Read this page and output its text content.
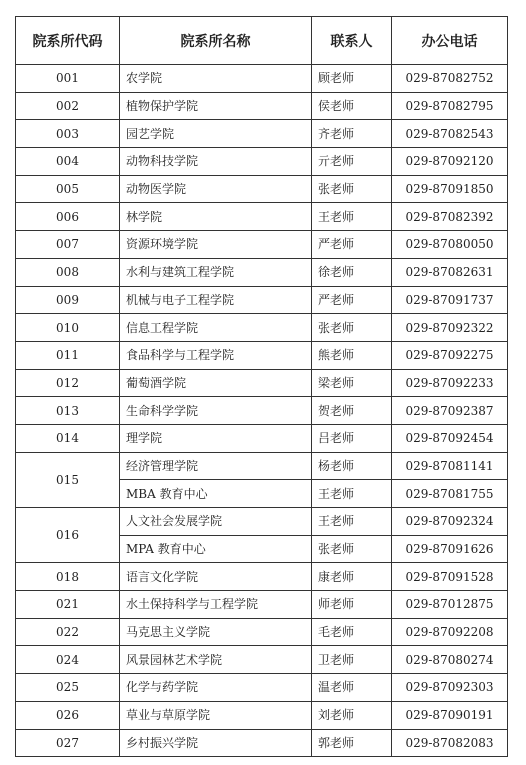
院系所代码	院系所名称	联系人	办公电话
001	农学院	顾老师	029-87082752
002	植物保护学院	侯老师	029-87082795
003	园艺学院	齐老师	029-87082543
004	动物科技学院	亓老师	029-87092120
005	动物医学院	张老师	029-87091850
006	林学院	王老师	029-87082392
007	资源环境学院	严老师	029-87080050
008	水利与建筑工程学院	徐老师	029-87082631
009	机械与电子工程学院	严老师	029-87091737
010	信息工程学院	张老师	029-87092322
011	食品科学与工程学院	熊老师	029-87092275
012	葡萄酒学院	梁老师	029-87092233
013	生命科学学院	贺老师	029-87092387
014	理学院	吕老师	029-87092454
015	经济管理学院	杨老师	029-87081141
	MBA 教育中心	王老师	029-87081755
016	人文社会发展学院	王老师	029-87092324
	MPA 教育中心	张老师	029-87091626
018	语言文化学院	康老师	029-87091528
021	水土保持科学与工程学院	师老师	029-87012875
022	马克思主义学院	毛老师	029-87092208
024	风景园林艺术学院	卫老师	029-87080274
025	化学与药学院	温老师	029-87092303
026	草业与草原学院	刘老师	029-87090191
027	乡村振兴学院	郭老师	029-87082083
